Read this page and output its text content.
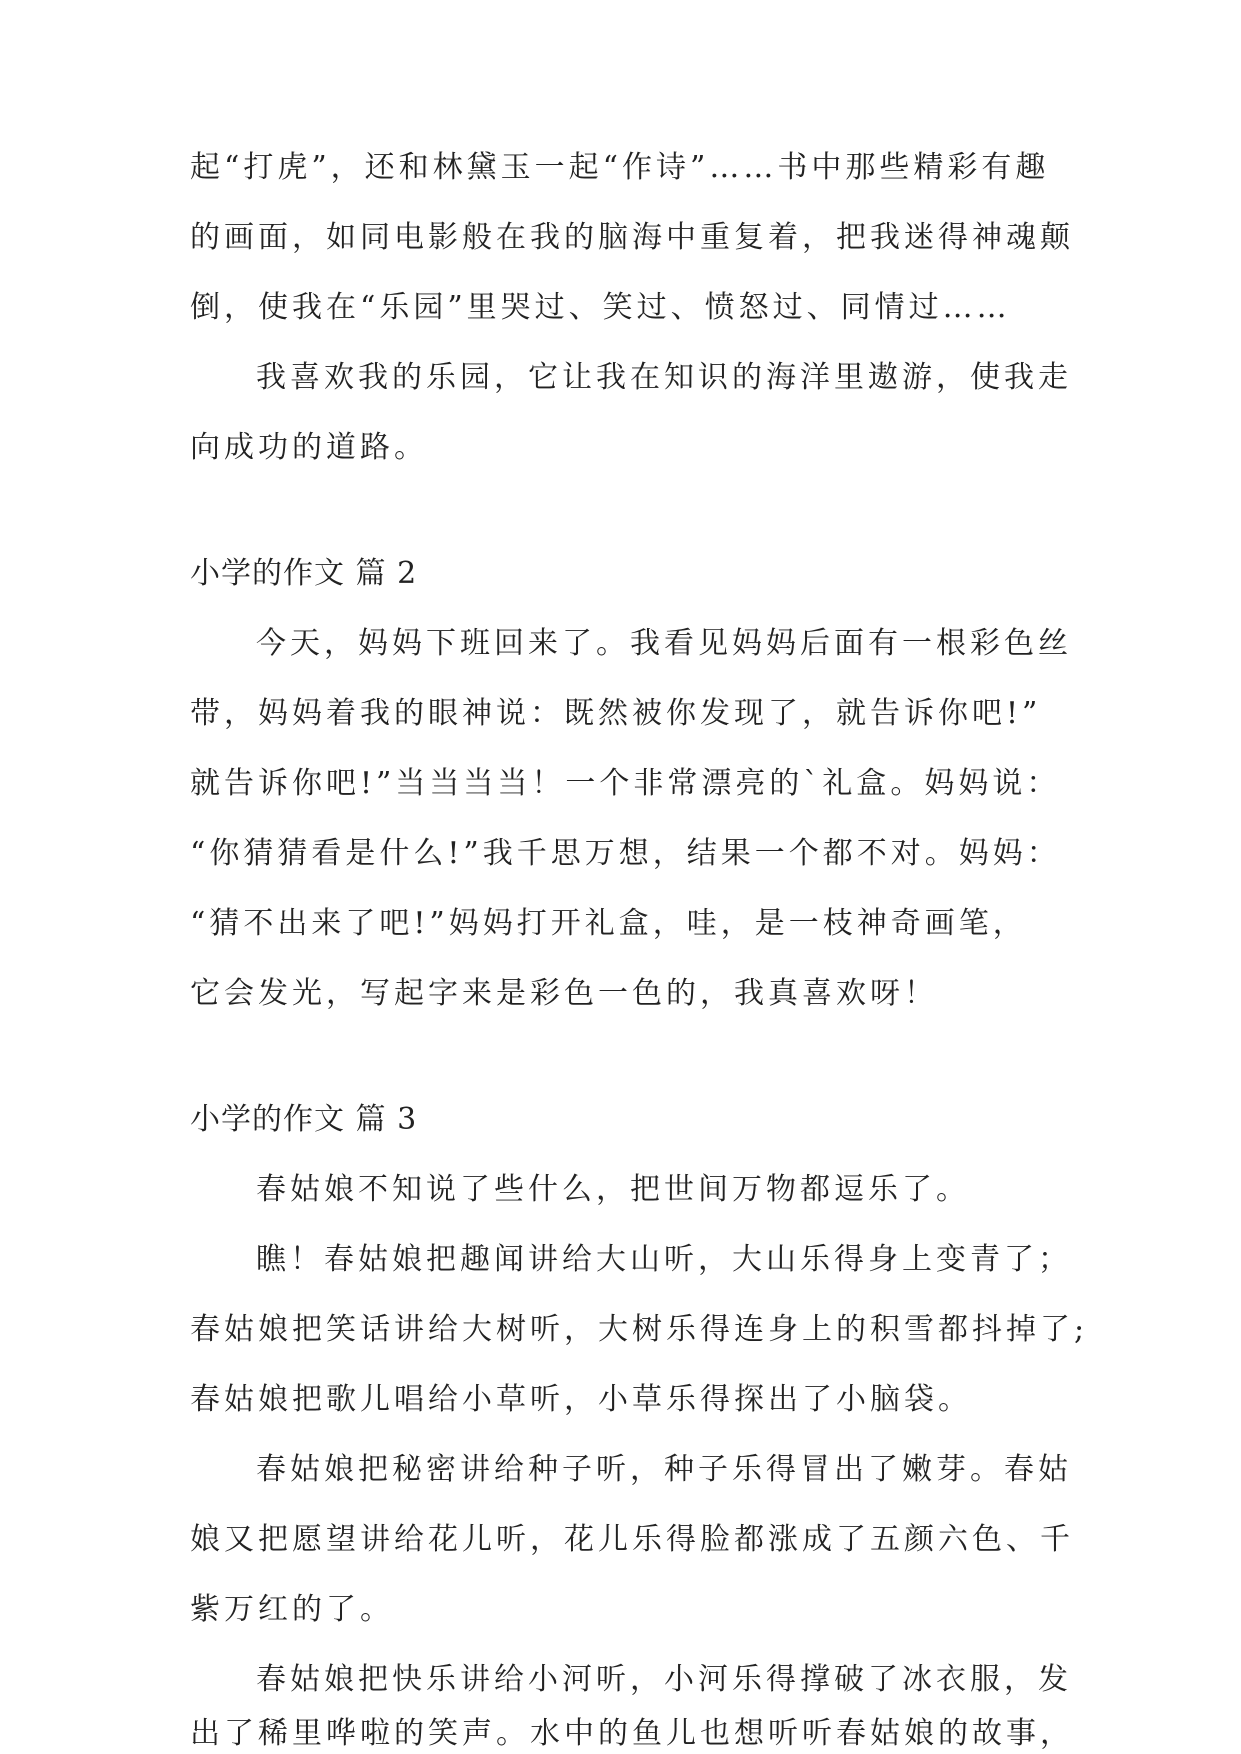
起“打虎”，还和林黛玉一起“作诗”……书中那些精彩有趣
的画面，如同电影般在我的脑海中重复着，把我迷得神魂颠
倒，使我在“乐园”里哭过、笑过、愤怒过、同情过……
我喜欢我的乐园，它让我在知识的海洋里遨游，使我走
向成功的道路。
小学的作文 篇 2
今天，妈妈下班回来了。我看见妈妈后面有一根彩色丝
带，妈妈着我的眼神说：既然被你发现了，就告诉你吧!”
就告诉你吧!”当当当当！一个非常漂亮的`礼盒。妈妈说：
“你猜猜看是什么!”我千思万想，结果一个都不对。妈妈：
“猜不出来了吧!”妈妈打开礼盒，哇，是一枝神奇画笔，
它会发光，写起字来是彩色一色的，我真喜欢呀！
小学的作文 篇 3
春姑娘不知说了些什么，把世间万物都逗乐了。
瞧！春姑娘把趣闻讲给大山听，大山乐得身上变青了；
春姑娘把笑话讲给大树听，大树乐得连身上的积雪都抖掉了;
春姑娘把歌儿唱给小草听，小草乐得探出了小脑袋。
春姑娘把秘密讲给种子听，种子乐得冒出了嫩芽。春姑
娘又把愿望讲给花儿听，花儿乐得脸都涨成了五颜六色、千
紫万红的了。
春姑娘把快乐讲给小河听，小河乐得撑破了冰衣服，发
出了稀里哗啦的笑声。水中的鱼儿也想听听春姑娘的故事，
